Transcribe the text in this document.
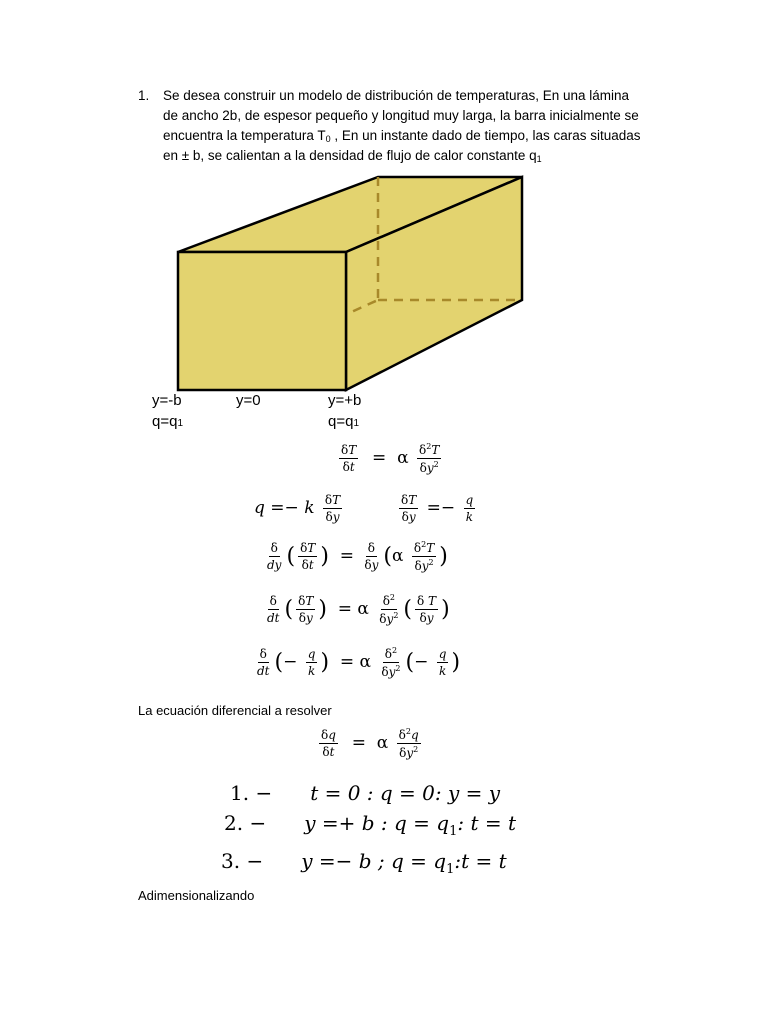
1. Se desea construir un modelo de distribución de temperaturas, En una lámina
de ancho 2b, de espesor pequeño y longitud muy larga, la barra inicialmente se
encuentra la temperatura $T_0$ , En un instante dado de tiempo, las caras situadas
en ± b, se calientan a la densidad de flujo de calor constante $q_1$
y=-b
q=q1
y=0	y=+b
q=q1
$\frac{\delta T}{\delta t} = \alpha \frac{\delta^2T}{\delta y^2}$
q =− k $\frac{\delta T}{\delta y}$
	$\frac{\delta T}{\delta y} =- \frac{q}{k}$
$\frac{\delta}{dy}$ ( $\frac{\delta T}{\delta t}$ )  = $\frac{\delta}{\delta y} (\alpha \frac{\delta^2T}{\delta y^2}$ )
$\frac{\delta}{dt}$ ( $\frac{\delta T}{\delta y}$ )  = α $\frac{\delta^2}{\delta y^2}$ ( $\frac{\text{δ T}}{\delta y}$ )
$\frac{\delta}{dt}$ (− $\frac{q}{k}$ )  = α $\frac{\delta^2}{\delta y^2}$ (− $\frac{q}{k}$ )
La ecuación diferencial a resolver
$\frac{\delta q}{\delta t} = \alpha \frac{\delta^2q}{\delta y^2}$
1. − t = 0 : q = 0: y = y
2. − y =+ b : $q = q_1$: t = t
3. − y =− b ; $q = q_1:t = t$
Adimensionalizando
